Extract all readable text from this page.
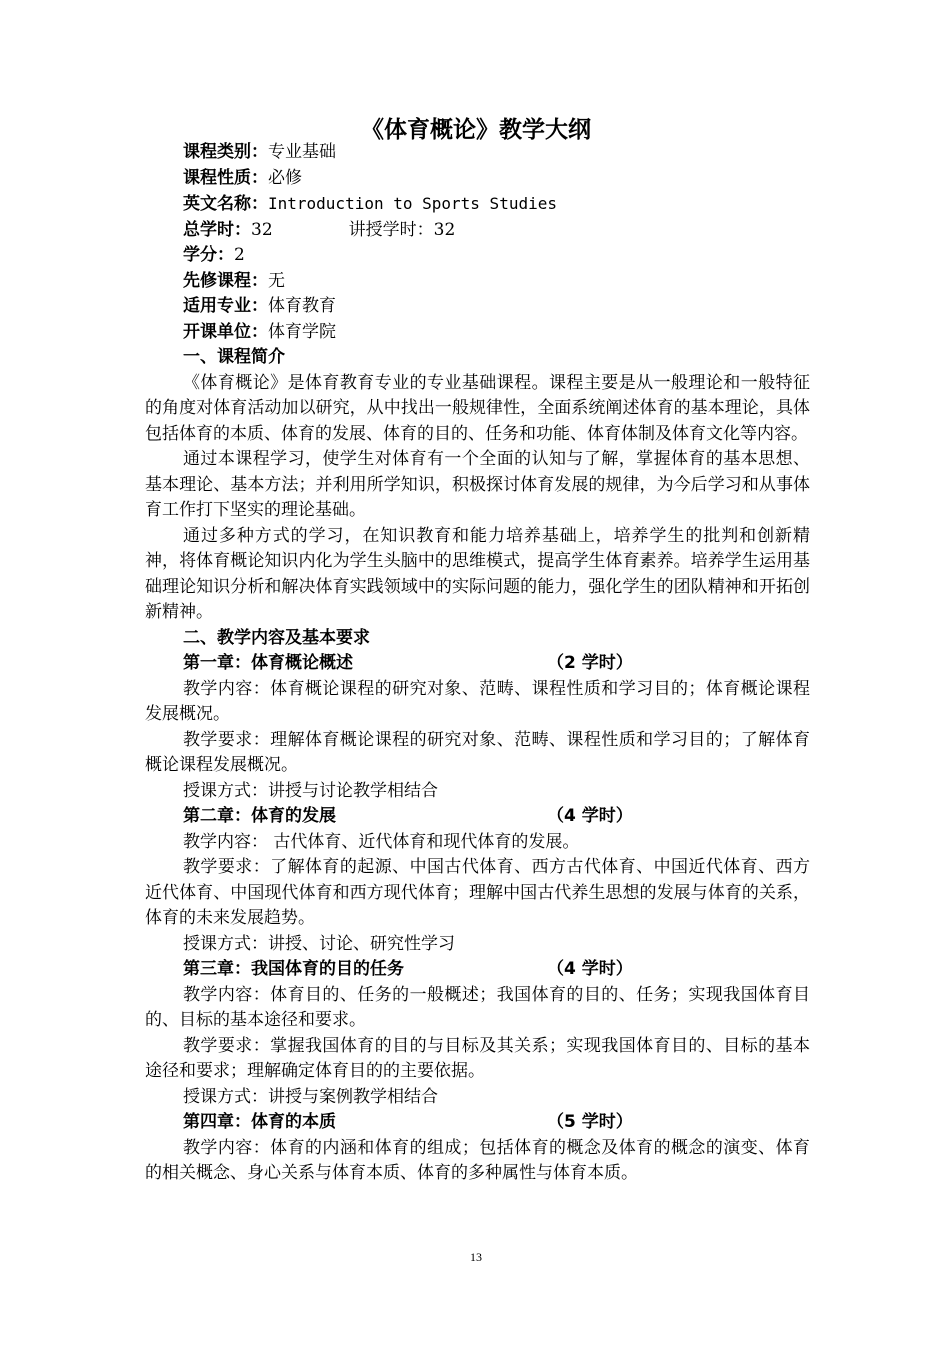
《体育概论》教学大纲
课程类别：专业基础
课程性质：必修
英文名称：Introduction to Sports Studies
总学时：32	讲授学时：32
学分：2
先修课程：无
适用专业：体育教育
开课单位：体育学院
一、课程简介
《体育概论》是体育教育专业的专业基础课程。课程主要是从一般理论和一般特征的角度对体育活动加以研究，从中找出一般规律性，全面系统阐述体育的基本理论，具体包括体育的本质、体育的发展、体育的目的、任务和功能、体育体制及体育文化等内容。
通过本课程学习，使学生对体育有一个全面的认知与了解，掌握体育的基本思想、基本理论、基本方法；并利用所学知识，积极探讨体育发展的规律，为今后学习和从事体育工作打下坚实的理论基础。
通过多种方式的学习，在知识教育和能力培养基础上，培养学生的批判和创新精神，将体育概论知识内化为学生头脑中的思维模式，提高学生体育素养。培养学生运用基础理论知识分析和解决体育实践领域中的实际问题的能力，强化学生的团队精神和开拓创新精神。
二、教学内容及基本要求
第一章：体育概论概述	（2 学时）
教学内容：体育概论课程的研究对象、范畴、课程性质和学习目的；体育概论课程发展概况。
教学要求：理解体育概论课程的研究对象、范畴、课程性质和学习目的；了解体育概论课程发展概况。
授课方式：讲授与讨论教学相结合
第二章：体育的发展	（4 学时）
教学内容： 古代体育、近代体育和现代体育的发展。
教学要求：了解体育的起源、中国古代体育、西方古代体育、中国近代体育、西方近代体育、中国现代体育和西方现代体育；理解中国古代养生思想的发展与体育的关系，体育的未来发展趋势。
授课方式：讲授、讨论、研究性学习
第三章：我国体育的目的任务	（4 学时）
教学内容：体育目的、任务的一般概述；我国体育的目的、任务；实现我国体育目的、目标的基本途径和要求。
教学要求：掌握我国体育的目的与目标及其关系；实现我国体育目的、目标的基本途径和要求；理解确定体育目的的主要依据。
授课方式：讲授与案例教学相结合
第四章：体育的本质	（5 学时）
教学内容：体育的内涵和体育的组成；包括体育的概念及体育的概念的演变、体育的相关概念、身心关系与体育本质、体育的多种属性与体育本质。
13
